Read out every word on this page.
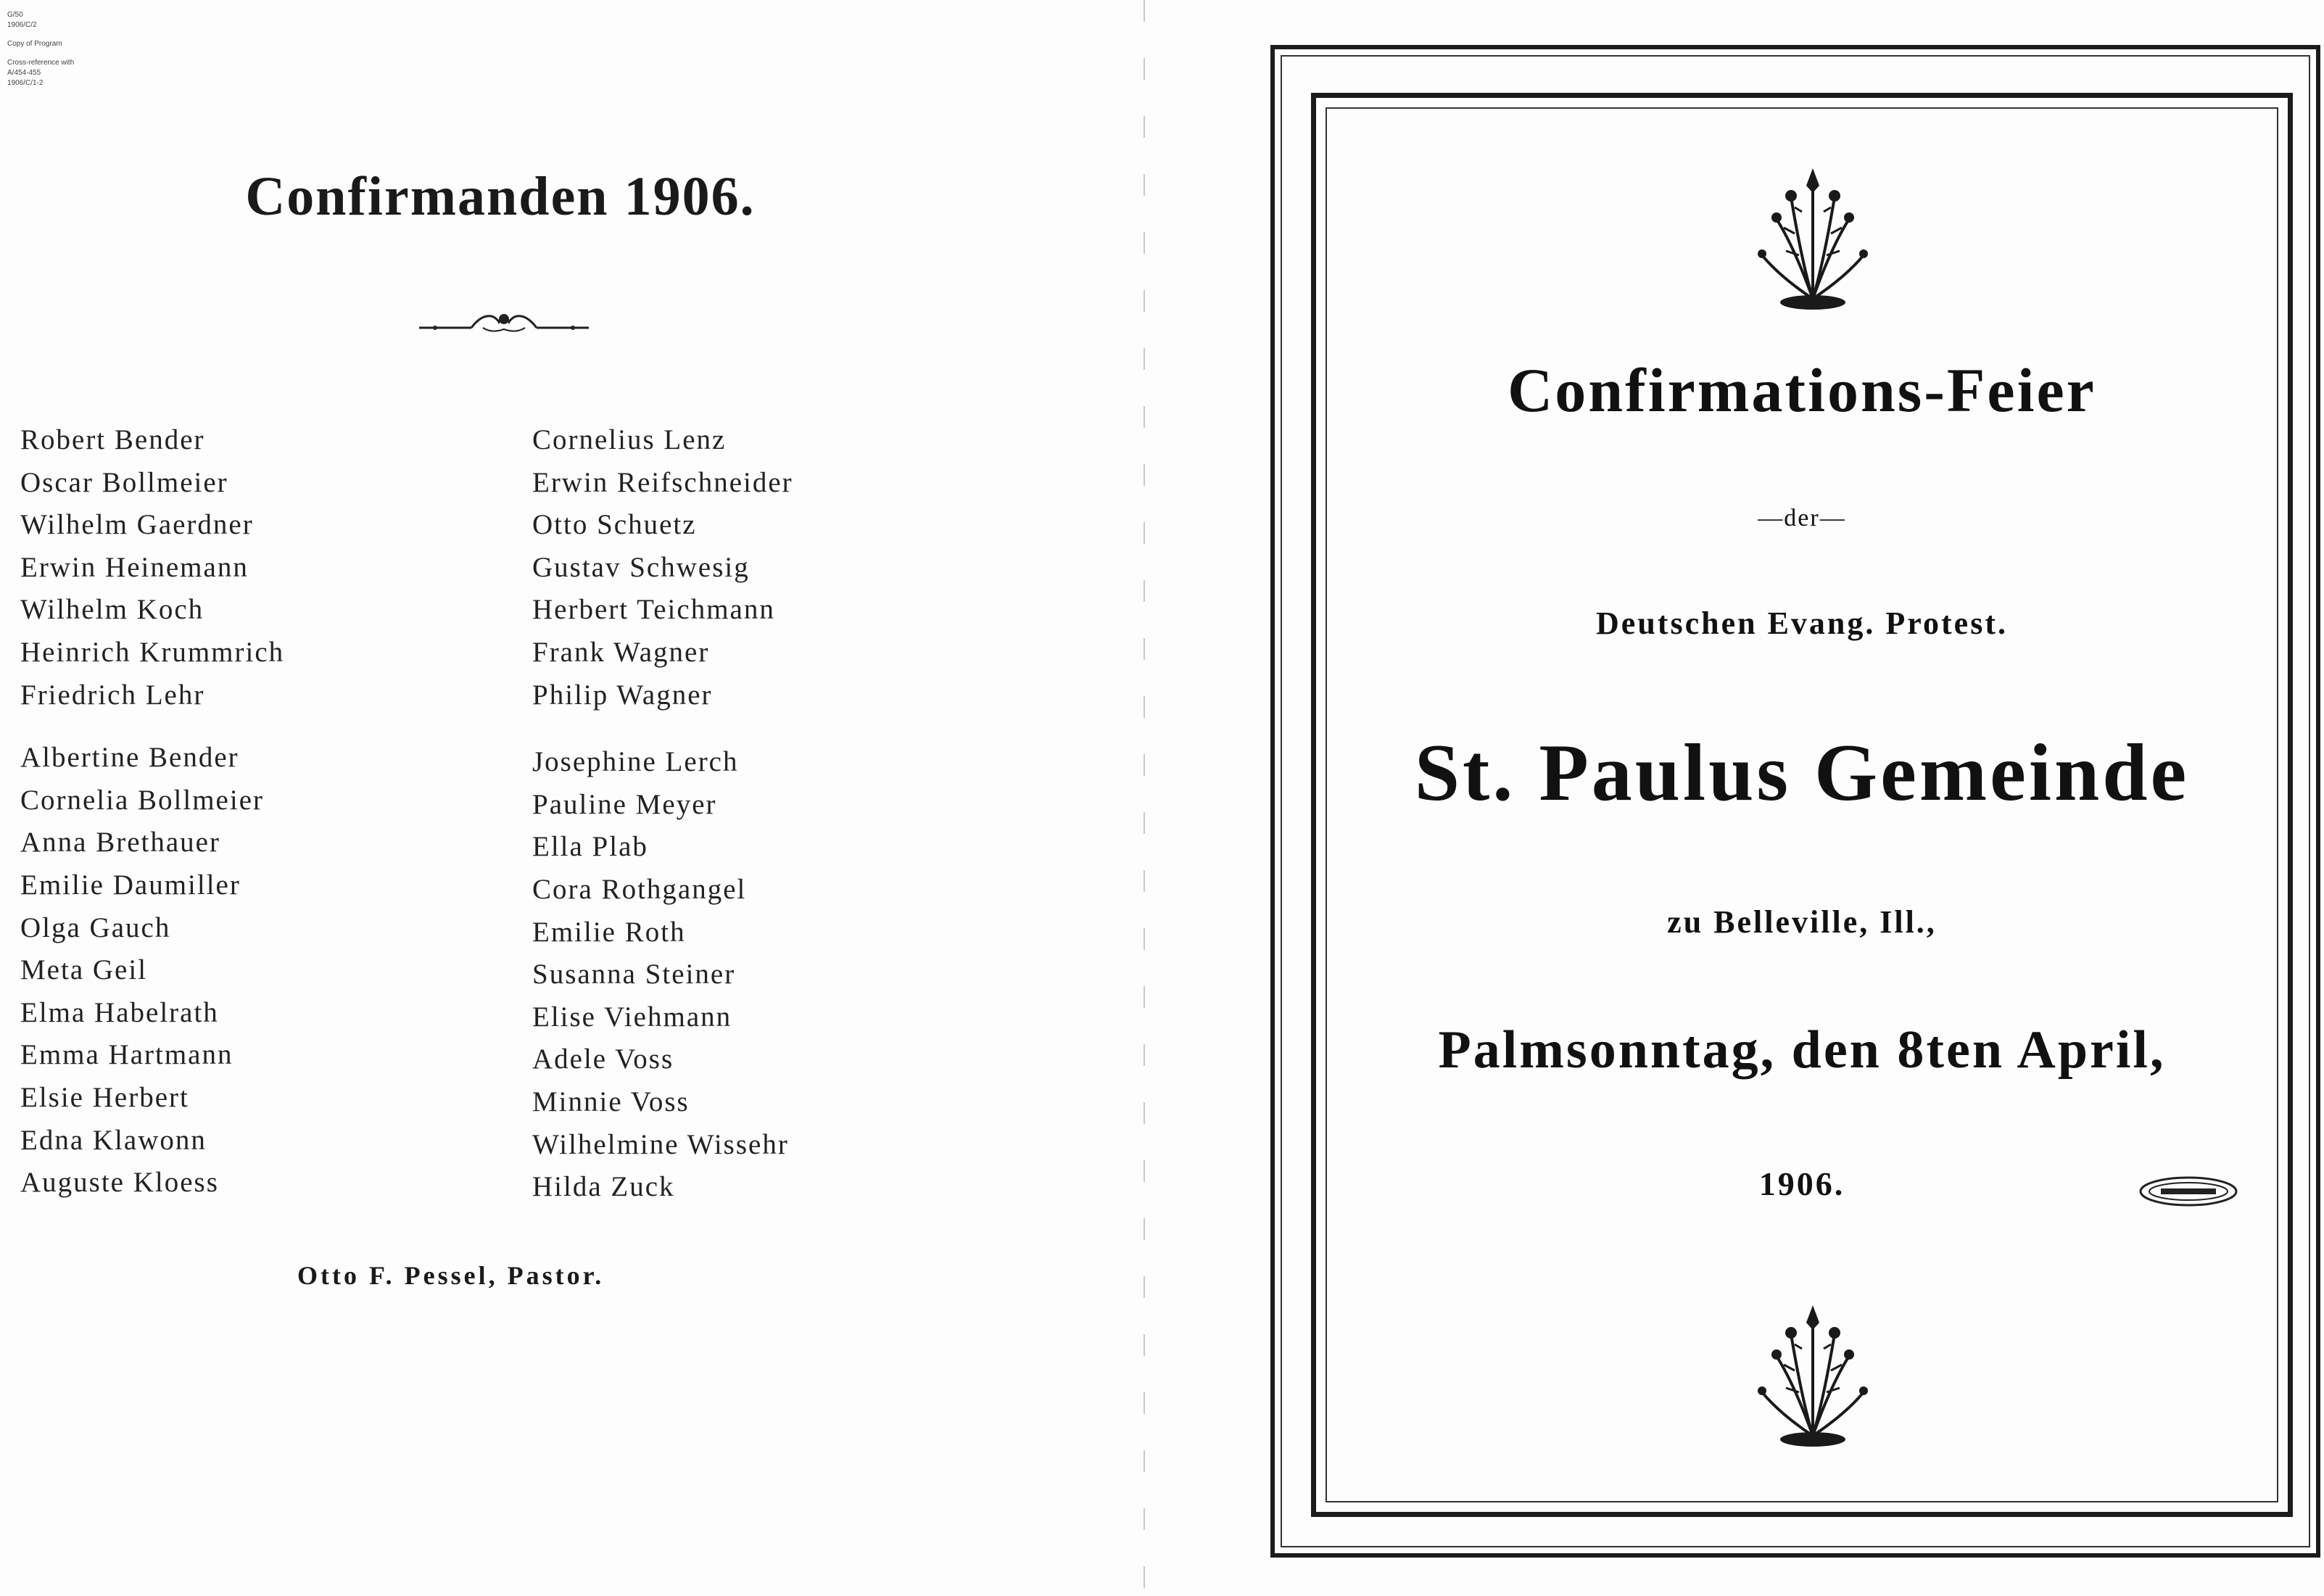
G/50
1906/C/2
Copy of Program
Cross-reference with
A/454-455
1906/C/1-2
Confirmanden 1906.
Robert Bender
Oscar Bollmeier
Wilhelm Gaerdner
Erwin Heinemann
Wilhelm Koch
Heinrich Krummrich
Friedrich Lehr
Albertine Bender
Cornelia Bollmeier
Anna Brethauer
Emilie Daumiller
Olga Gauch
Meta Geil
Elma Habelrath
Emma Hartmann
Elsie Herbert
Edna Klawonn
Auguste Kloess
Cornelius Lenz
Erwin Reifschneider
Otto Schuetz
Gustav Schwesig
Herbert Teichmann
Frank Wagner
Philip Wagner
Josephine Lerch
Pauline Meyer
Ella Plab
Cora Rothgangel
Emilie Roth
Susanna Steiner
Elise Viehmann
Adele Voss
Minnie Voss
Wilhelmine Wissehr
Hilda Zuck
Otto F. Pessel, Pastor.
Confirmations-Feier
—der—
Deutschen Evang. Protest.
St. Paulus Gemeinde
zu Belleville, Ill.,
Palmsonntag, den 8ten April,
1906.
